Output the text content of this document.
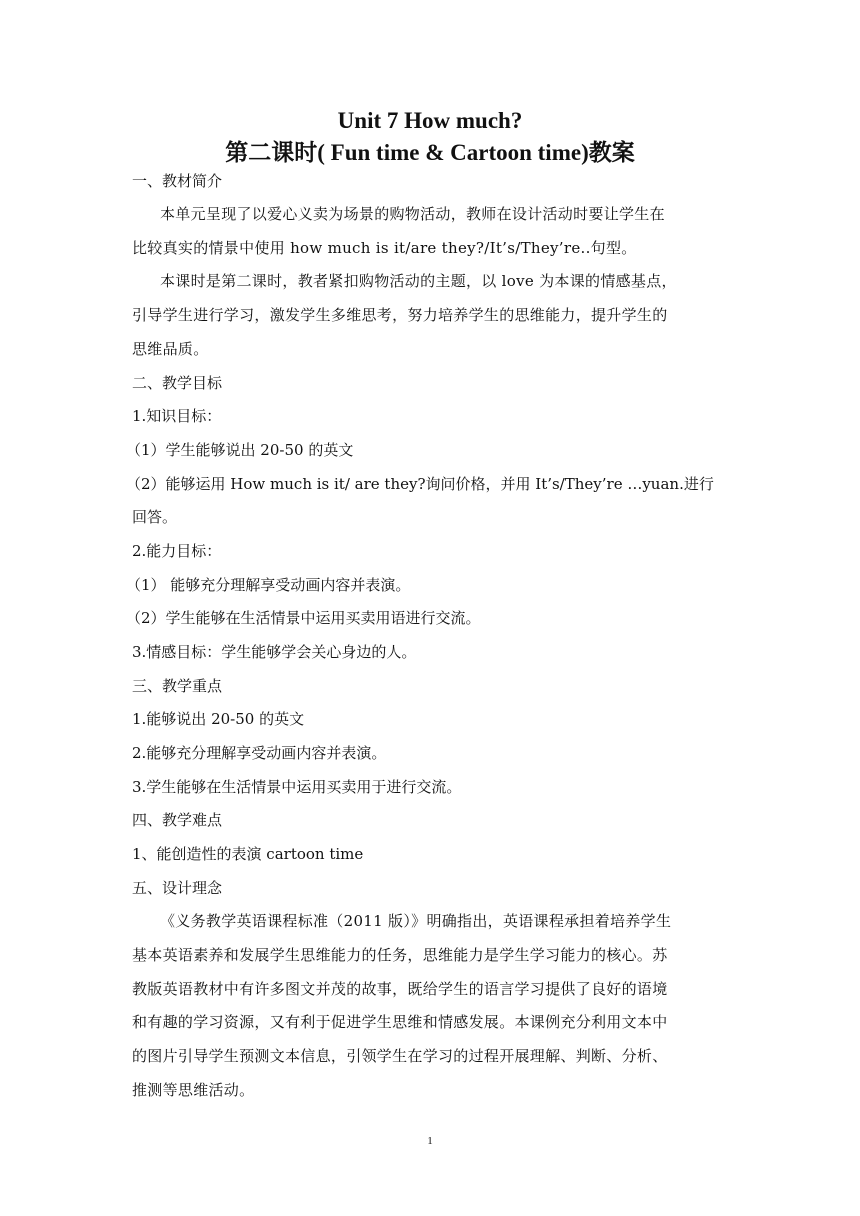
Unit 7 How much?
第二课时( Fun time & Cartoon time)教案
一、教材简介
本单元呈现了以爱心义卖为场景的购物活动，教师在设计活动时要让学生在
比较真实的情景中使用 how much is it/are they?/It’s/They’re..句型。
本课时是第二课时，教者紧扣购物活动的主题，以 love 为本课的情感基点，
引导学生进行学习，激发学生多维思考，努力培养学生的思维能力，提升学生的
思维品质。
二、教学目标
1.知识目标：
（1）学生能够说出 20-50 的英文
（2）能够运用 How much is it/ are they?询问价格，并用 It’s/They’re …yuan.进行
回答。
2.能力目标：
（1） 能够充分理解享受动画内容并表演。
（2）学生能够在生活情景中运用买卖用语进行交流。
3.情感目标：学生能够学会关心身边的人。
三、教学重点
1.能够说出 20-50 的英文
2.能够充分理解享受动画内容并表演。
3.学生能够在生活情景中运用买卖用于进行交流。
四、教学难点
1、能创造性的表演 cartoon time
五、设计理念
《义务教学英语课程标准（2011 版）》明确指出，英语课程承担着培养学生
基本英语素养和发展学生思维能力的任务，思维能力是学生学习能力的核心。苏
教版英语教材中有许多图文并茂的故事，既给学生的语言学习提供了良好的语境
和有趣的学习资源，又有利于促进学生思维和情感发展。本课例充分利用文本中
的图片引导学生预测文本信息，引领学生在学习的过程开展理解、判断、分析、
推测等思维活动。
1
